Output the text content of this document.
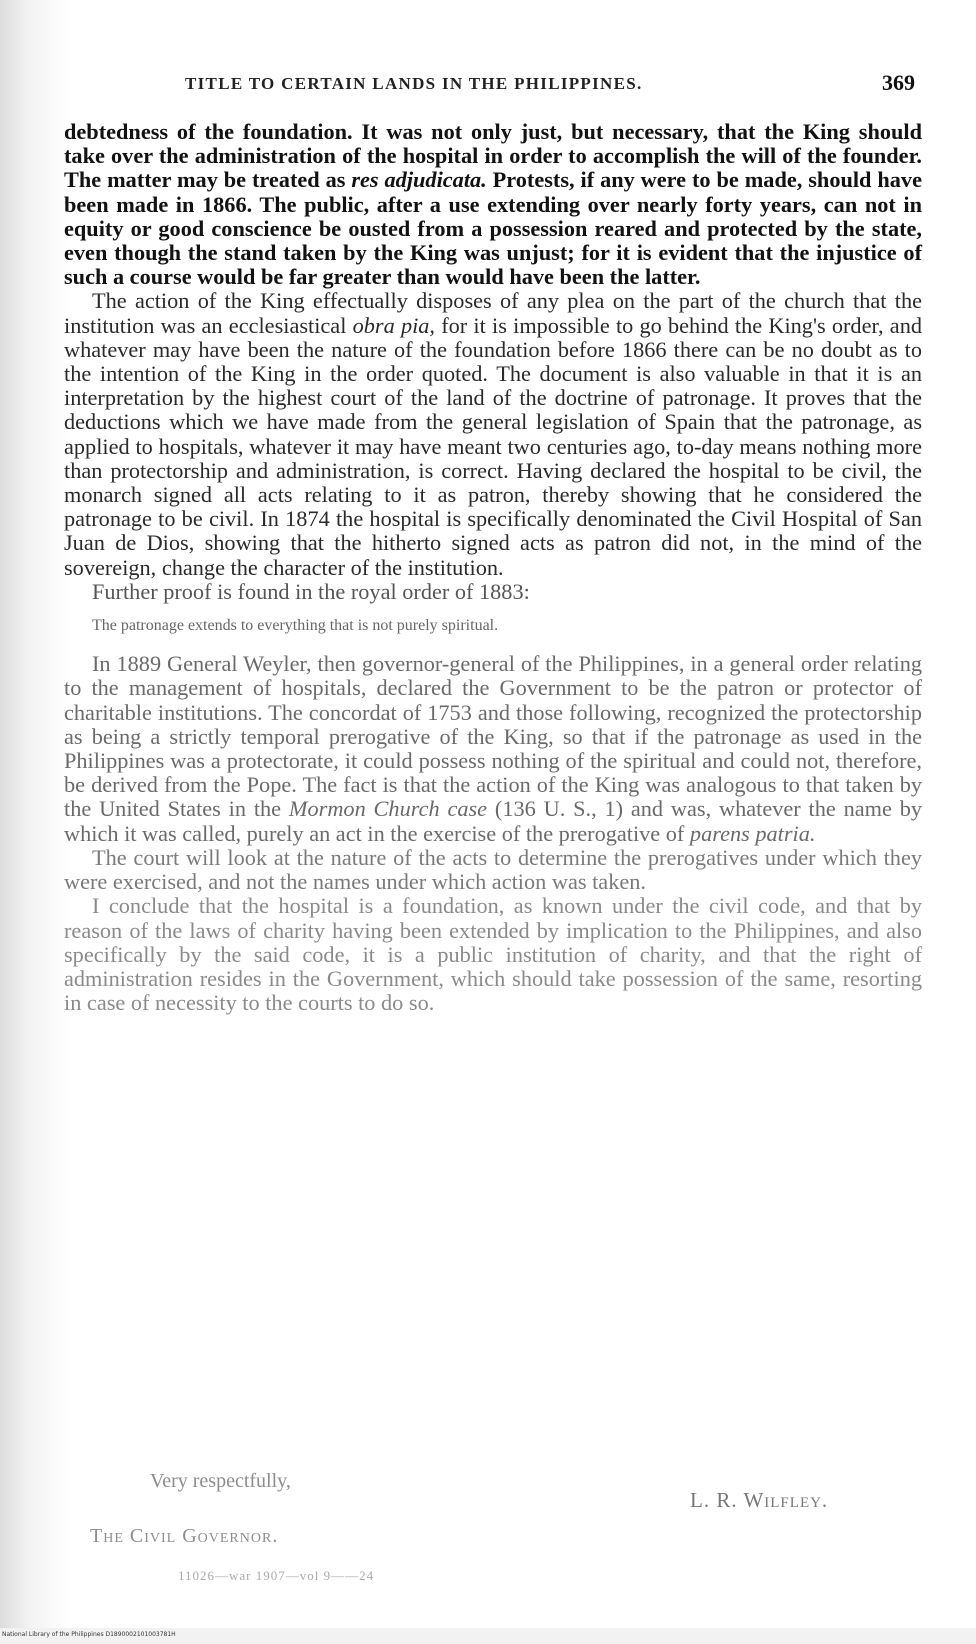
TITLE TO CERTAIN LANDS IN THE PHILIPPINES.	369

debtedness of the foundation. It was not only just, but necessary, that the King should take over the administration of the hospital in order to accomplish the will of the founder. The matter may be treated as res adjudicata. Protests, if any were to be made, should have been made in 1866. The public, after a use extending over nearly forty years, can not in equity or good conscience be ousted from a possession reared and protected by the state, even though the stand taken by the King was unjust; for it is evident that the injustice of such a course would be far greater than would have been the latter.

The action of the King effectually disposes of any plea on the part of the church that the institution was an ecclesiastical obra pia, for it is impossible to go behind the King's order, and whatever may have been the nature of the foundation before 1866 there can be no doubt as to the intention of the King in the order quoted. The document is also valuable in that it is an interpretation by the highest court of the land of the doctrine of patronage. It proves that the deductions which we have made from the general legislation of Spain that the patronage, as applied to hospitals, whatever it may have meant two centuries ago, to-day means nothing more than protectorship and administration, is correct. Having declared the hospital to be civil, the monarch signed all acts relating to it as patron, thereby showing that he considered the patronage to be civil. In 1874 the hospital is specifically denominated the Civil Hospital of San Juan de Dios, showing that the hitherto signed acts as patron did not, in the mind of the sovereign, change the character of the institution.

Further proof is found in the royal order of 1883:

The patronage extends to everything that is not purely spiritual.

In 1889 General Weyler, then governor-general of the Philippines, in a general order relating to the management of hospitals, declared the Government to be the patron or protector of charitable institutions. The concordat of 1753 and those following, recognized the protectorship as being a strictly temporal prerogative of the King, so that if the patronage as used in the Philippines was a protectorate, it could possess nothing of the spiritual and could not, therefore, be derived from the Pope. The fact is that the action of the King was analogous to that taken by the United States in the Mormon Church case (136 U. S., 1) and was, whatever the name by which it was called, purely an act in the exercise of the prerogative of parens patria.

The court will look at the nature of the acts to determine the prerogatives under which they were exercised, and not the names under which action was taken.

I conclude that the hospital is a foundation, as known under the civil code, and that by reason of the laws of charity having been extended by implication to the Philippines, and also specifically by the said code, it is a public institution of charity, and that the right of administration resides in the Government, which should take possession of the same, resorting in case of necessity to the courts to do so.

Very respectfully,
L. R. Wilfley.
The Civil Governor.
11026—war 1907—vol 9——24
National Library of the Philippines D1890002101003781H
